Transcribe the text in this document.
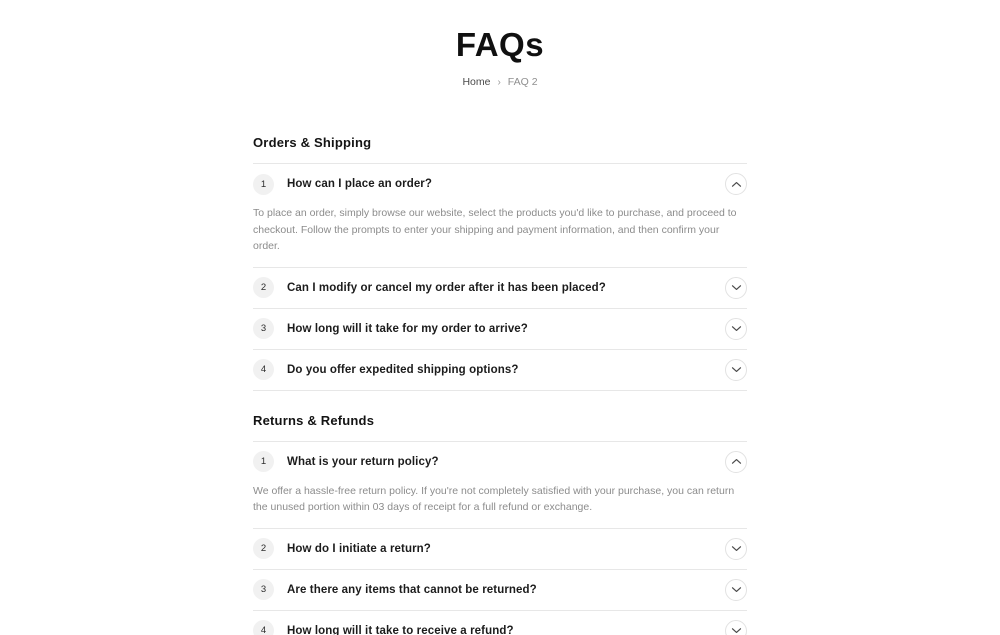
FAQs
Home › FAQ 2
Orders & Shipping
1	How can I place an order?
To place an order, simply browse our website, select the products you'd like to purchase, and proceed to checkout. Follow the prompts to enter your shipping and payment information, and then confirm your order.
2	Can I modify or cancel my order after it has been placed?
3	How long will it take for my order to arrive?
4	Do you offer expedited shipping options?
Returns & Refunds
1	What is your return policy?
We offer a hassle-free return policy. If you're not completely satisfied with your purchase, you can return the unused portion within 03 days of receipt for a full refund or exchange.
2	How do I initiate a return?
3	Are there any items that cannot be returned?
4	How long will it take to receive a refund?
